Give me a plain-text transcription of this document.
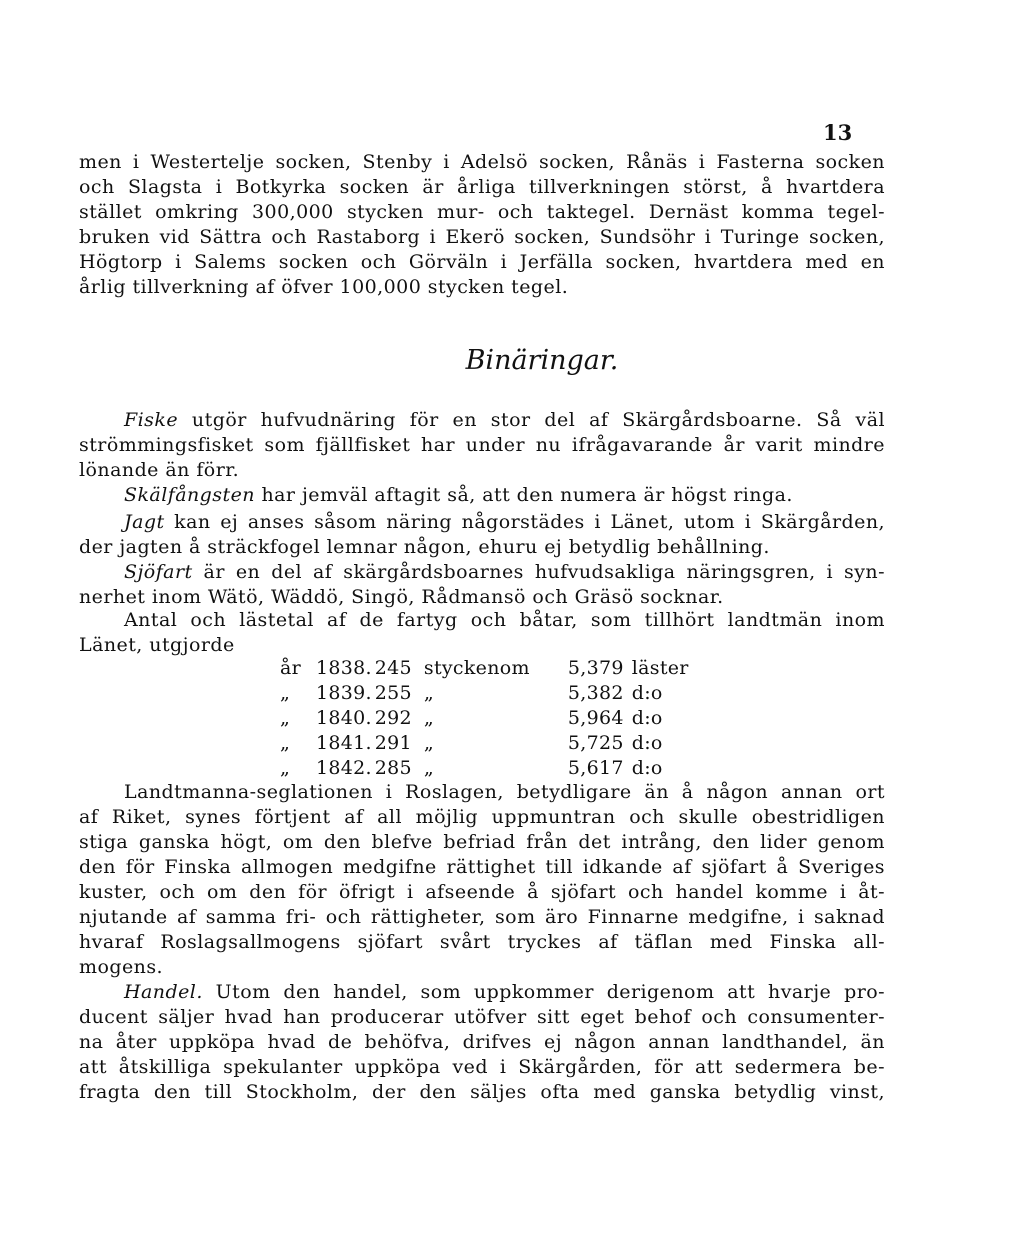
13
men i Westertelje socken, Stenby i Adelsö socken, Rånäs i Fasterna socken
och Slagsta i Botkyrka socken är årliga tillverkningen störst, å hvartdera
stället omkring 300,000 stycken mur- och taktegel. Dernäst komma tegel-
bruken vid Sättra och Rastaborg i Ekerö socken, Sundsöhr i Turinge socken,
Högtorp i Salems socken och Görväln i Jerfälla socken, hvartdera med en
årlig tillverkning af öfver 100,000 stycken tegel.
Binäringar.
Fiske utgör hufvudnäring för en stor del af Skärgårdsboarne. Så väl
strömmingsfisket som fjällfisket har under nu ifrågavarande år varit mindre
lönande än förr.
Skälfångsten har jemväl aftagit så, att den numera är högst ringa.
Jagt kan ej anses såsom näring någorstädes i Länet, utom i Skärgården,
der jagten å sträckfogel lemnar någon, ehuru ej betydlig behållning.
Sjöfart är en del af skärgårdsboarnes hufvudsakliga näringsgren, i syn-
nerhet inom Wätö, Wäddö, Singö, Rådmansö och Gräsö socknar.
Antal och lästetal af de fartyg och båtar, som tillhört landtmän inom
Länet, utgjorde
år	1838.	245	stycken	om	5,379	läster
„	1839.	255	„		5,382	d:o
„	1840.	292	„		5,964	d:o
„	1841.	291	„		5,725	d:o
„	1842.	285	„		5,617	d:o
Landtmanna-seglationen i Roslagen, betydligare än å någon annan ort
af Riket, synes förtjent af all möjlig uppmuntran och skulle obestridligen
stiga ganska högt, om den blefve befriad från det intrång, den lider genom
den för Finska allmogen medgifne rättighet till idkande af sjöfart å Sveriges
kuster, och om den för öfrigt i afseende å sjöfart och handel komme i åt-
njutande af samma fri- och rättigheter, som äro Finnarne medgifne, i saknad
hvaraf Roslagsallmogens sjöfart svårt tryckes af täflan med Finska all-
mogens.
Handel. Utom den handel, som uppkommer derigenom att hvarje pro-
ducent säljer hvad han producerar utöfver sitt eget behof och consumenter-
na åter uppköpa hvad de behöfva, drifves ej någon annan landthandel, än
att åtskilliga spekulanter uppköpa ved i Skärgården, för att sedermera be-
fragta den till Stockholm, der den säljes ofta med ganska betydlig vinst,
